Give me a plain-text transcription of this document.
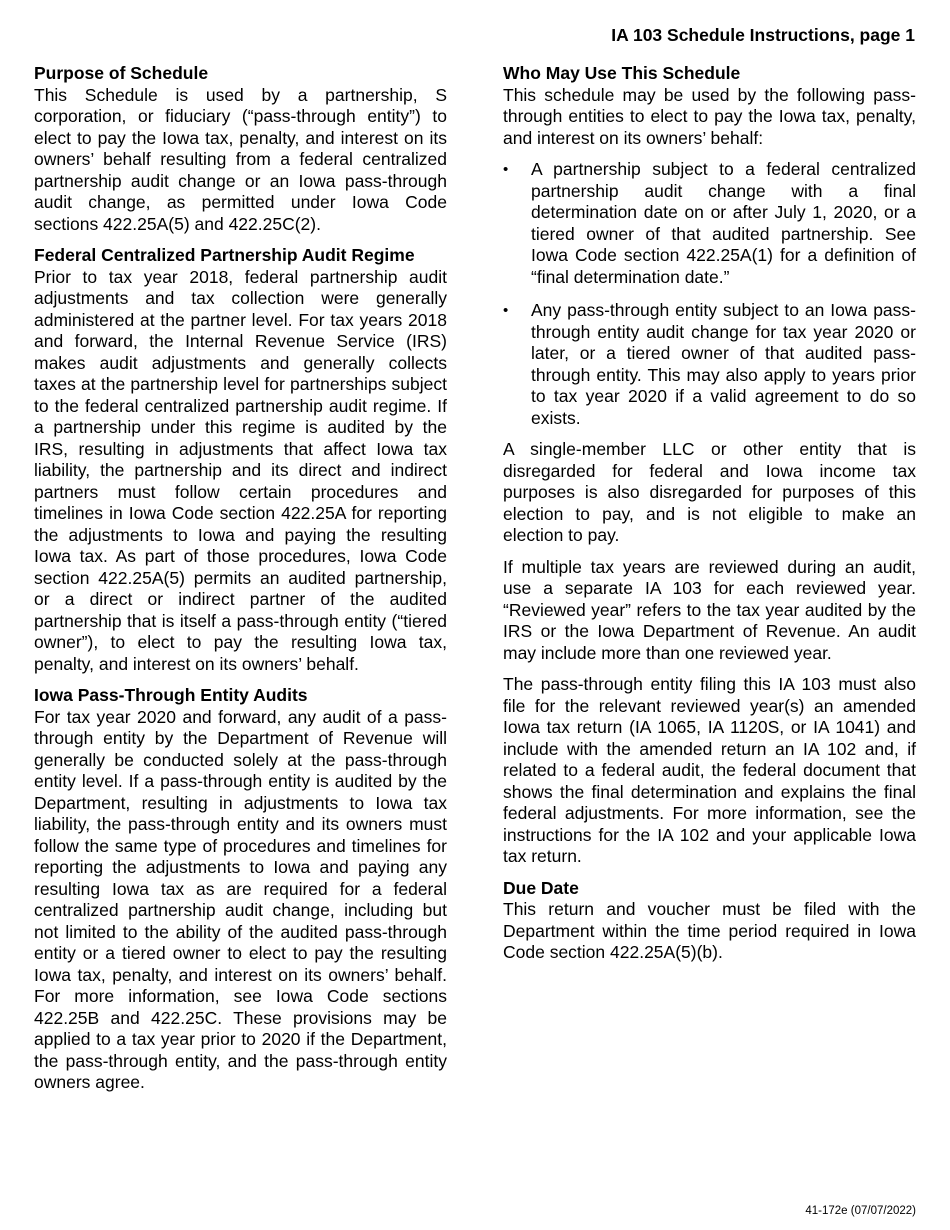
IA 103 Schedule Instructions, page 1
Purpose of Schedule

This Schedule is used by a partnership, S corporation, or fiduciary (“pass-through entity”) to elect to pay the Iowa tax, penalty, and interest on its owners’ behalf resulting from a federal centralized partnership audit change or an Iowa pass-through audit change, as permitted under Iowa Code sections 422.25A(5) and 422.25C(2).

Federal Centralized Partnership Audit Regime

Prior to tax year 2018, federal partnership audit adjustments and tax collection were generally administered at the partner level. For tax years 2018 and forward, the Internal Revenue Service (IRS) makes audit adjustments and generally collects taxes at the partnership level for partnerships subject to the federal centralized partnership audit regime. If a partnership under this regime is audited by the IRS, resulting in adjustments that affect Iowa tax liability, the partnership and its direct and indirect partners must follow certain procedures and timelines in Iowa Code section 422.25A for reporting the adjustments to Iowa and paying the resulting Iowa tax. As part of those procedures, Iowa Code section 422.25A(5) permits an audited partnership, or a direct or indirect partner of the audited partnership that is itself a pass-through entity (“tiered owner”), to elect to pay the resulting Iowa tax, penalty, and interest on its owners’ behalf.

Iowa Pass-Through Entity Audits

For tax year 2020 and forward, any audit of a pass-through entity by the Department of Revenue will generally be conducted solely at the pass-through entity level. If a pass-through entity is audited by the Department, resulting in adjustments to Iowa tax liability, the pass-through entity and its owners must follow the same type of procedures and timelines for reporting the adjustments to Iowa and paying any resulting Iowa tax as are required for a federal centralized partnership audit change, including but not limited to the ability of the audited pass-through entity or a tiered owner to elect to pay the resulting Iowa tax, penalty, and interest on its owners’ behalf. For more information, see Iowa Code sections 422.25B and 422.25C. These provisions may be applied to a tax year prior to 2020 if the Department, the pass-through entity, and the pass-through entity owners agree.

Who May Use This Schedule

This schedule may be used by the following pass-through entities to elect to pay the Iowa tax, penalty, and interest on its owners’ behalf:

• A partnership subject to a federal centralized partnership audit change with a final determination date on or after July 1, 2020, or a tiered owner of that audited partnership. See Iowa Code section 422.25A(1) for a definition of “final determination date.”
• Any pass-through entity subject to an Iowa pass-through entity audit change for tax year 2020 or later, or a tiered owner of that audited pass-through entity. This may also apply to years prior to tax year 2020 if a valid agreement to do so exists.

A single-member LLC or other entity that is disregarded for federal and Iowa income tax purposes is also disregarded for purposes of this election to pay, and is not eligible to make an election to pay.

If multiple tax years are reviewed during an audit, use a separate IA 103 for each reviewed year. “Reviewed year” refers to the tax year audited by the IRS or the Iowa Department of Revenue. An audit may include more than one reviewed year.

The pass-through entity filing this IA 103 must also file for the relevant reviewed year(s) an amended Iowa tax return (IA 1065, IA 1120S, or IA 1041) and include with the amended return an IA 102 and, if related to a federal audit, the federal document that shows the final determination and explains the final federal adjustments. For more information, see the instructions for the IA 102 and your applicable Iowa tax return.

Due Date

This return and voucher must be filed with the Department within the time period required in Iowa Code section 422.25A(5)(b).

41-172e (07/07/2022)
